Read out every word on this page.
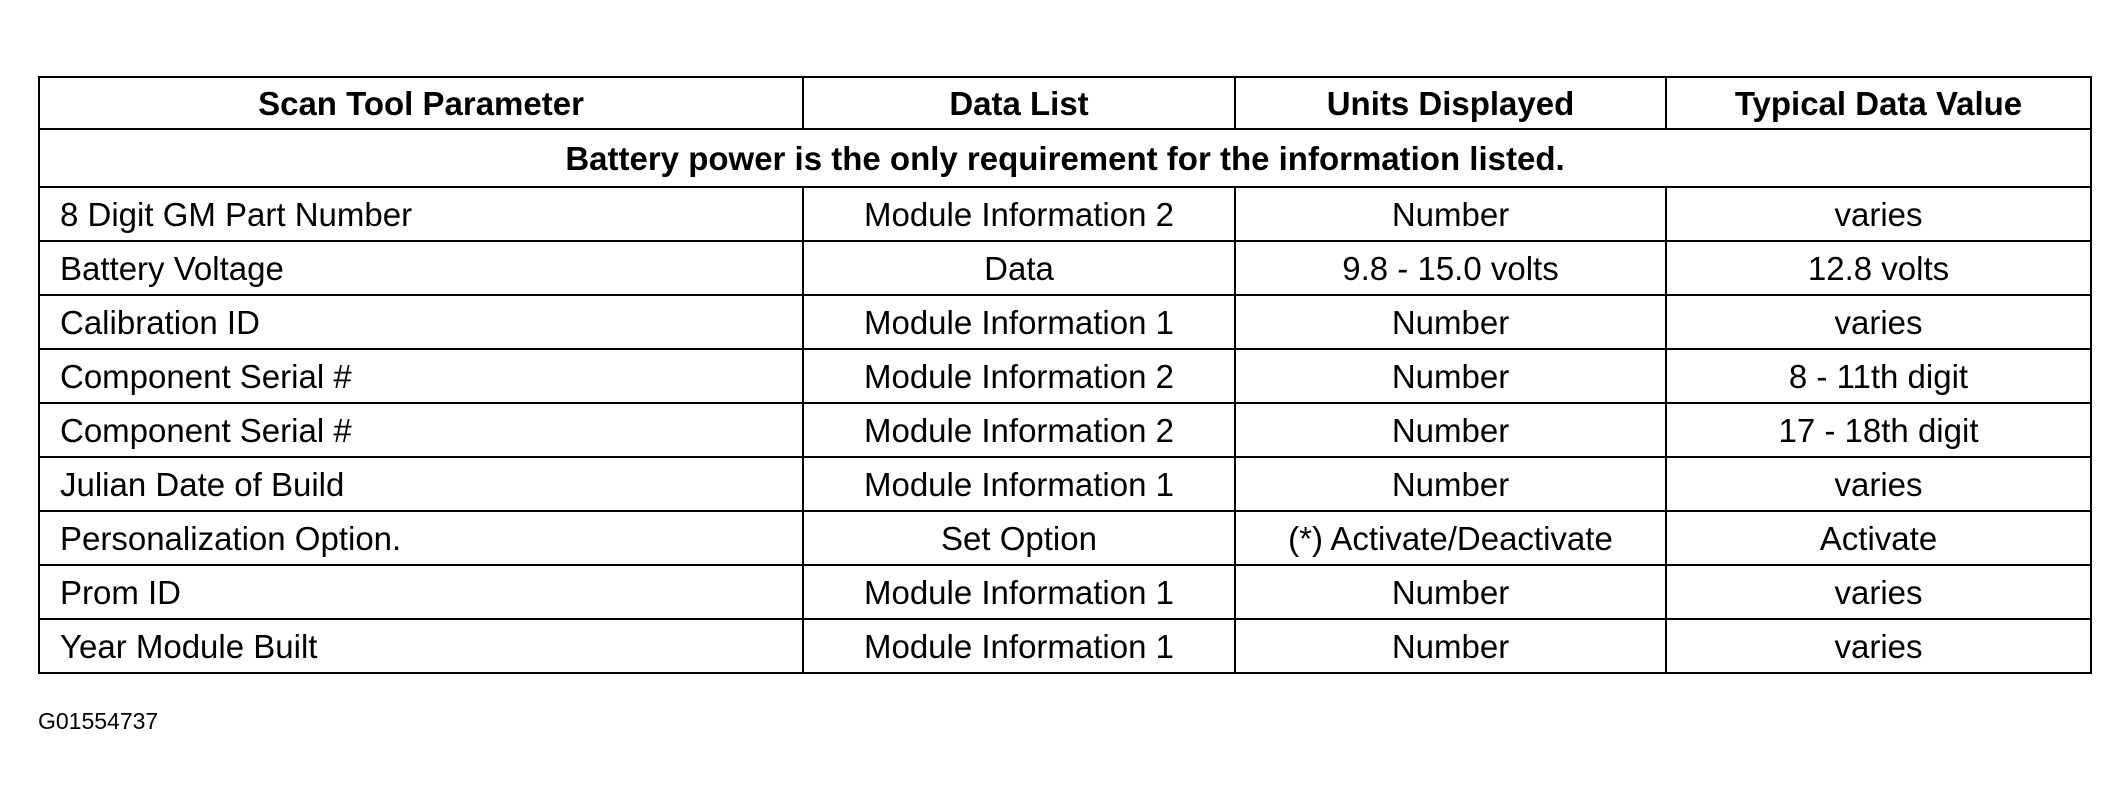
Scan Tool Parameter	Data List	Units Displayed	Typical Data Value
Battery power is the only requirement for the information listed.			
8 Digit GM Part Number	Module Information 2	Number	varies
Battery Voltage	Data	9.8 - 15.0 volts	12.8 volts
Calibration ID	Module Information 1	Number	varies
Component Serial #	Module Information 2	Number	8 - 11th digit
Component Serial #	Module Information 2	Number	17 - 18th digit
Julian Date of Build	Module Information 1	Number	varies
Personalization Option.	Set Option	(*) Activate/Deactivate	Activate
Prom ID	Module Information 1	Number	varies
Year Module Built	Module Information 1	Number	varies
G01554737
